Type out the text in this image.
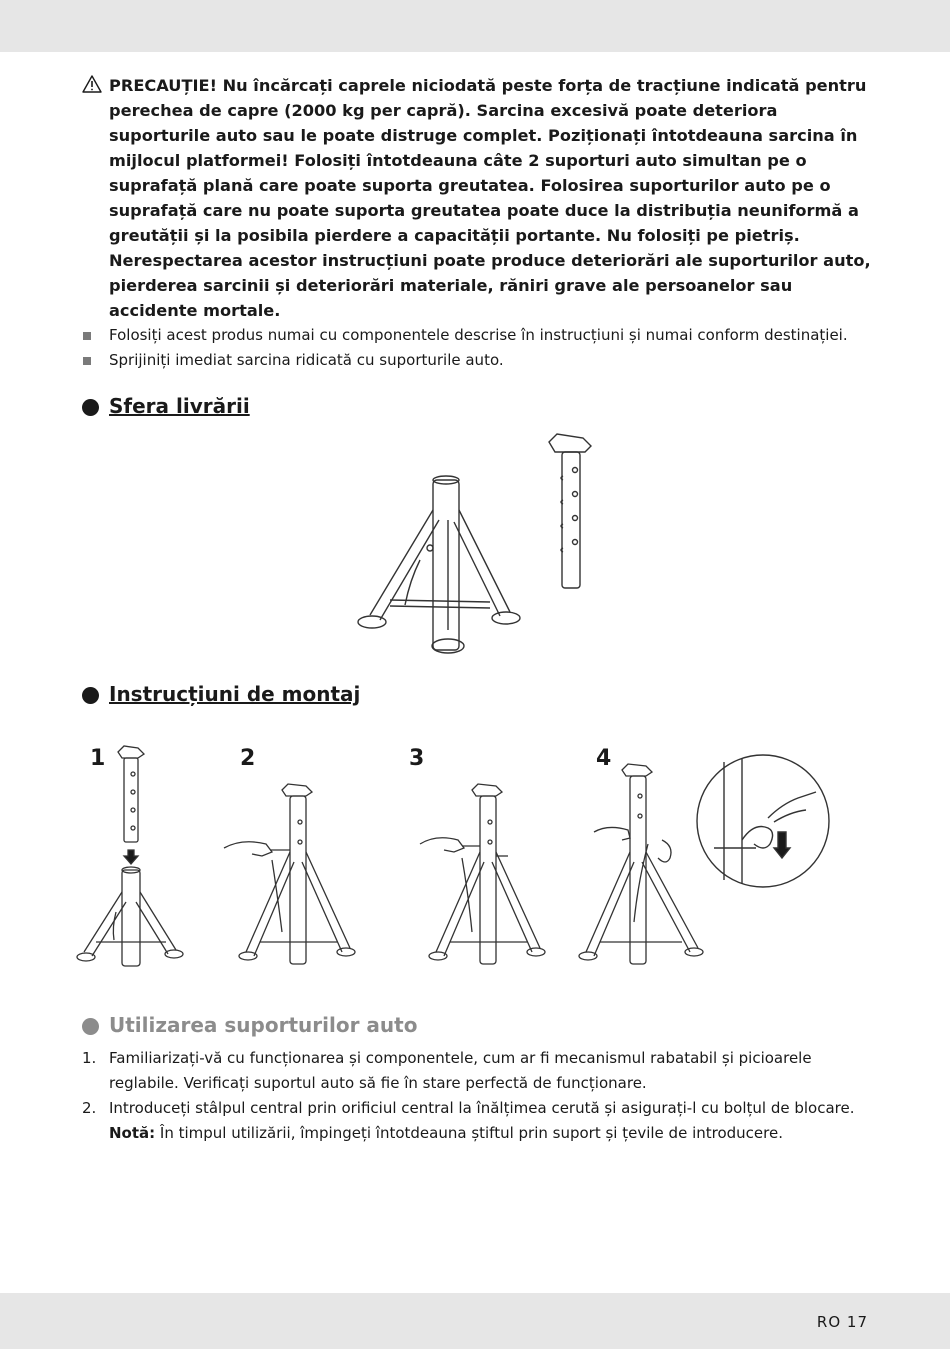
PRECAUȚIE! Nu încărcați caprele niciodată peste forța de tracțiune indicată pentru perechea de capre (2000 kg per capră). Sarcina excesivă poate deteriora suporturile auto sau le poate distruge complet. Poziționați întotdeauna sarcina în mijlocul platformei! Folosiți întotdeauna câte 2 suporturi auto simultan pe o suprafață plană care poate suporta greutatea. Folosirea suporturilor auto pe o suprafață care nu poate suporta greutatea poate duce la distribuția neuniformă a greutății și la posibila pierdere a capacității portante. Nu folosiți pe pietriș. Nerespectarea acestor instrucțiuni poate produce deteriorări ale suporturilor auto, pierderea sarcinii și deteriorări materiale, răniri grave ale persoanelor sau accidente mortale.
Folosiți acest produs numai cu componentele descrise în instrucțiuni și numai conform destinației.
Sprijiniți imediat sarcina ridicată cu suporturile auto.
Sfera livrării
Instrucțiuni de montaj
1	2	3	4
Utilizarea suporturilor auto
1. Familiarizați-vă cu funcționarea și componentele, cum ar fi mecanismul rabatabil și picioarele reglabile. Verificați suportul auto să fie în stare perfectă de funcționare.
2. Introduceți stâlpul central prin orificiul central la înălțimea cerută și asigurați-l cu bolțul de blocare.
Notă: În timpul utilizării, împingeți întotdeauna știftul prin suport și țevile de introducere.
RO 17
